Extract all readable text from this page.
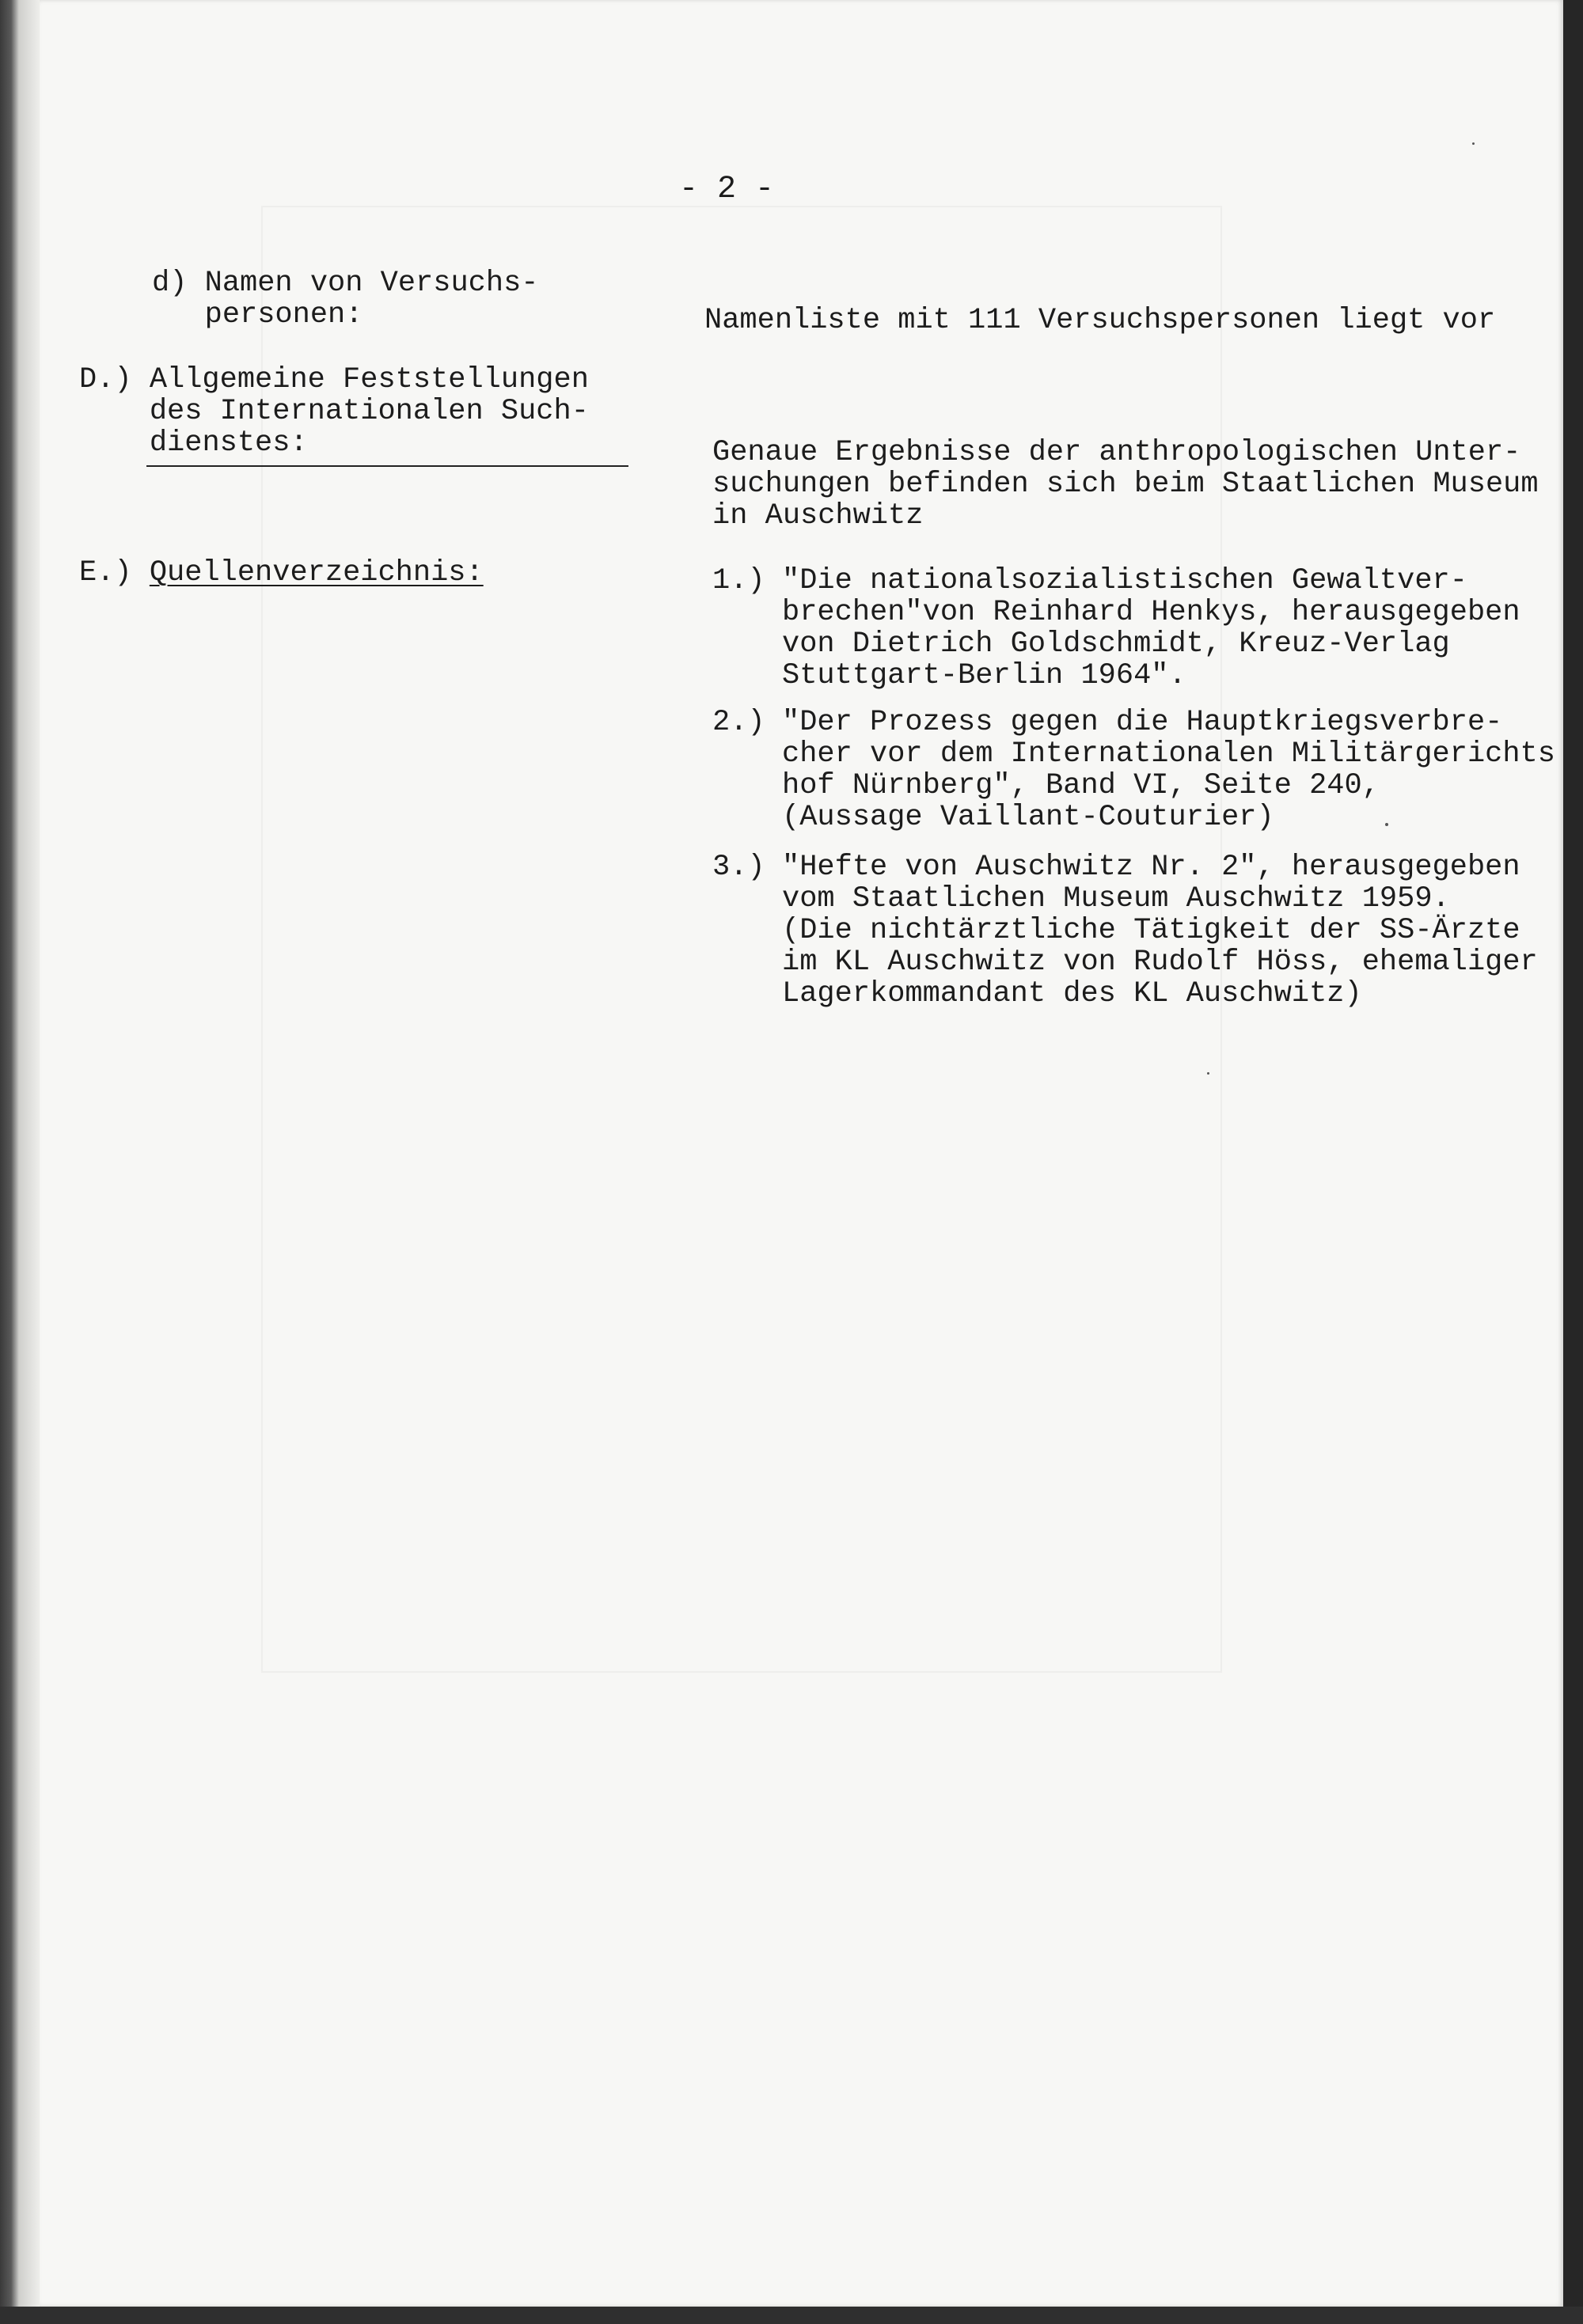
- 2 -
d) Namen von Versuchs-
personen:	Namenliste mit 111 Versuchspersonen liegt vor
D.) Allgemeine Feststellungen
des Internationalen Such-
dienstes:	Genaue Ergebnisse der anthropologischen Unter-
suchungen befinden sich beim Staatlichen Museum
in Auschwitz
E.) Quellenverzeichnis:	1.) "Die nationalsozialistischen Gewaltver-
brechen"von Reinhard Henkys, herausgegeben
von Dietrich Goldschmidt, Kreuz-Verlag
Stuttgart-Berlin 1964".
2.) "Der Prozess gegen die Hauptkriegsverbre-
cher vor dem Internationalen Militärgerichts
hof Nürnberg", Band VI, Seite 240,
(Aussage Vaillant-Couturier)
3.) "Hefte von Auschwitz Nr. 2", herausgegeben
vom Staatlichen Museum Auschwitz 1959.
(Die nichtärztliche Tätigkeit der SS-Ärzte
im KL Auschwitz von Rudolf Höss, ehemaliger
Lagerkommandant des KL Auschwitz)
